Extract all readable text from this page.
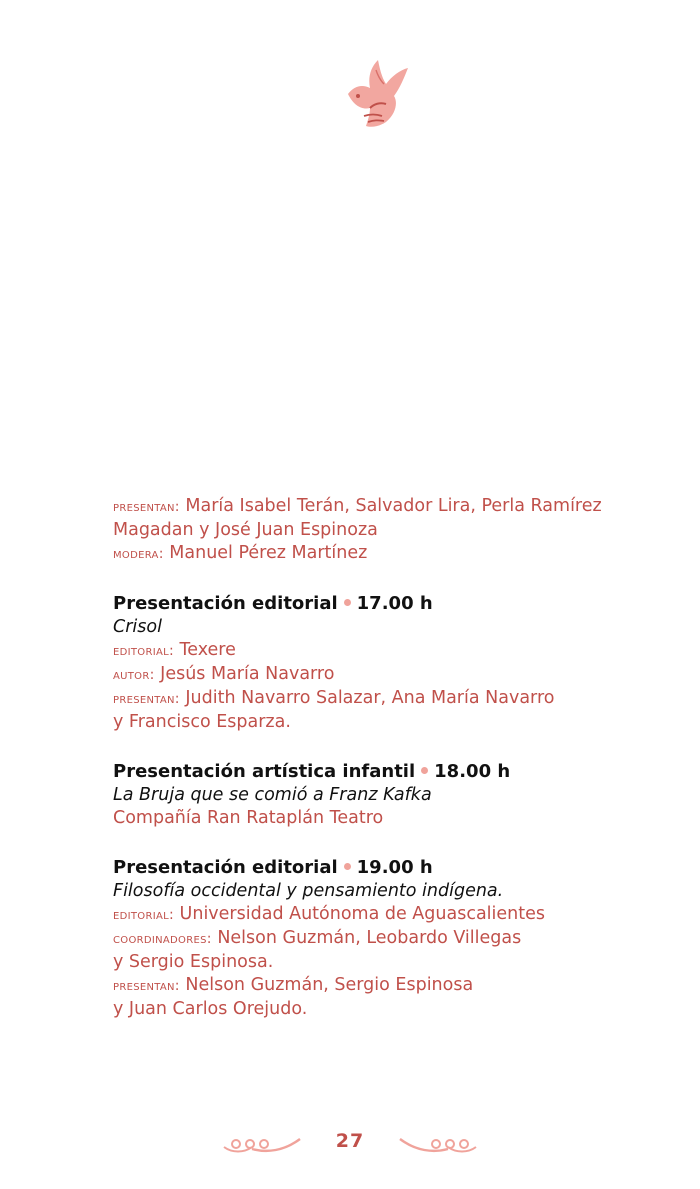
presentan: María Isabel Terán, Salvador Lira, Perla Ramírez
Magadan y José Juan Espinoza
modera: Manuel Pérez Martínez
Presentación editorial 17.00 h
Crisol
editorial: Texere
autor: Jesús María Navarro
presentan: Judith Navarro Salazar, Ana María Navarro
y Francisco Esparza.
Presentación artística infantil 18.00 h
La Bruja que se comió a Franz Kafka
Compañía Ran Rataplán Teatro
Presentación editorial 19.00 h
Filosofía occidental y pensamiento indígena.
editorial: Universidad Autónoma de Aguascalientes
coordinadores: Nelson Guzmán, Leobardo Villegas
y Sergio Espinosa.
presentan: Nelson Guzmán, Sergio Espinosa
y Juan Carlos Orejudo.
27
